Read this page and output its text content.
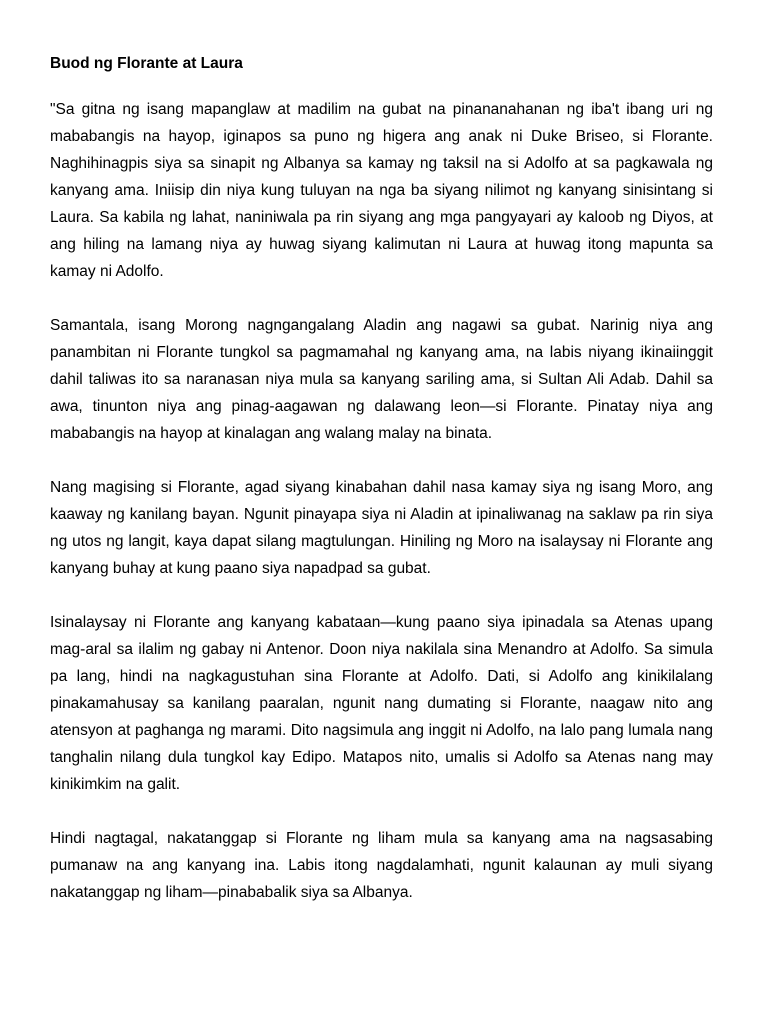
Buod ng Florante at Laura

"Sa gitna ng isang mapanglaw at madilim na gubat na pinananahanan ng iba't ibang uri ng mababangis na hayop, iginapos sa puno ng higera ang anak ni Duke Briseo, si Florante. Naghihinagpis siya sa sinapit ng Albanya sa kamay ng taksil na si Adolfo at sa pagkawala ng kanyang ama. Iniisip din niya kung tuluyan na nga ba siyang nilimot ng kanyang sinisintang si Laura. Sa kabila ng lahat, naniniwala pa rin siyang ang mga pangyayari ay kaloob ng Diyos, at ang hiling na lamang niya ay huwag siyang kalimutan ni Laura at huwag itong mapunta sa kamay ni Adolfo.

Samantala, isang Morong nagngangalang Aladin ang nagawi sa gubat. Narinig niya ang panambitan ni Florante tungkol sa pagmamahal ng kanyang ama, na labis niyang ikinaiinggit dahil taliwas ito sa naranasan niya mula sa kanyang sariling ama, si Sultan Ali Adab. Dahil sa awa, tinunton niya ang pinag-aagawan ng dalawang leon—si Florante. Pinatay niya ang mababangis na hayop at kinalagan ang walang malay na binata.

Nang magising si Florante, agad siyang kinabahan dahil nasa kamay siya ng isang Moro, ang kaaway ng kanilang bayan. Ngunit pinayapa siya ni Aladin at ipinaliwanag na saklaw pa rin siya ng utos ng langit, kaya dapat silang magtulungan. Hiniling ng Moro na isalaysay ni Florante ang kanyang buhay at kung paano siya napadpad sa gubat.

Isinalaysay ni Florante ang kanyang kabataan—kung paano siya ipinadala sa Atenas upang mag-aral sa ilalim ng gabay ni Antenor. Doon niya nakilala sina Menandro at Adolfo. Sa simula pa lang, hindi na nagkagustuhan sina Florante at Adolfo. Dati, si Adolfo ang kinikilalang pinakamahusay sa kanilang paaralan, ngunit nang dumating si Florante, naagaw nito ang atensyon at paghanga ng marami. Dito nagsimula ang inggit ni Adolfo, na lalo pang lumala nang tanghalin nilang dula tungkol kay Edipo. Matapos nito, umalis si Adolfo sa Atenas nang may kinikimkim na galit.

Hindi nagtagal, nakatanggap si Florante ng liham mula sa kanyang ama na nagsasabing pumanaw na ang kanyang ina. Labis itong nagdalamhati, ngunit kalaunan ay muli siyang nakatanggap ng liham—pinababalik siya sa Albanya.
